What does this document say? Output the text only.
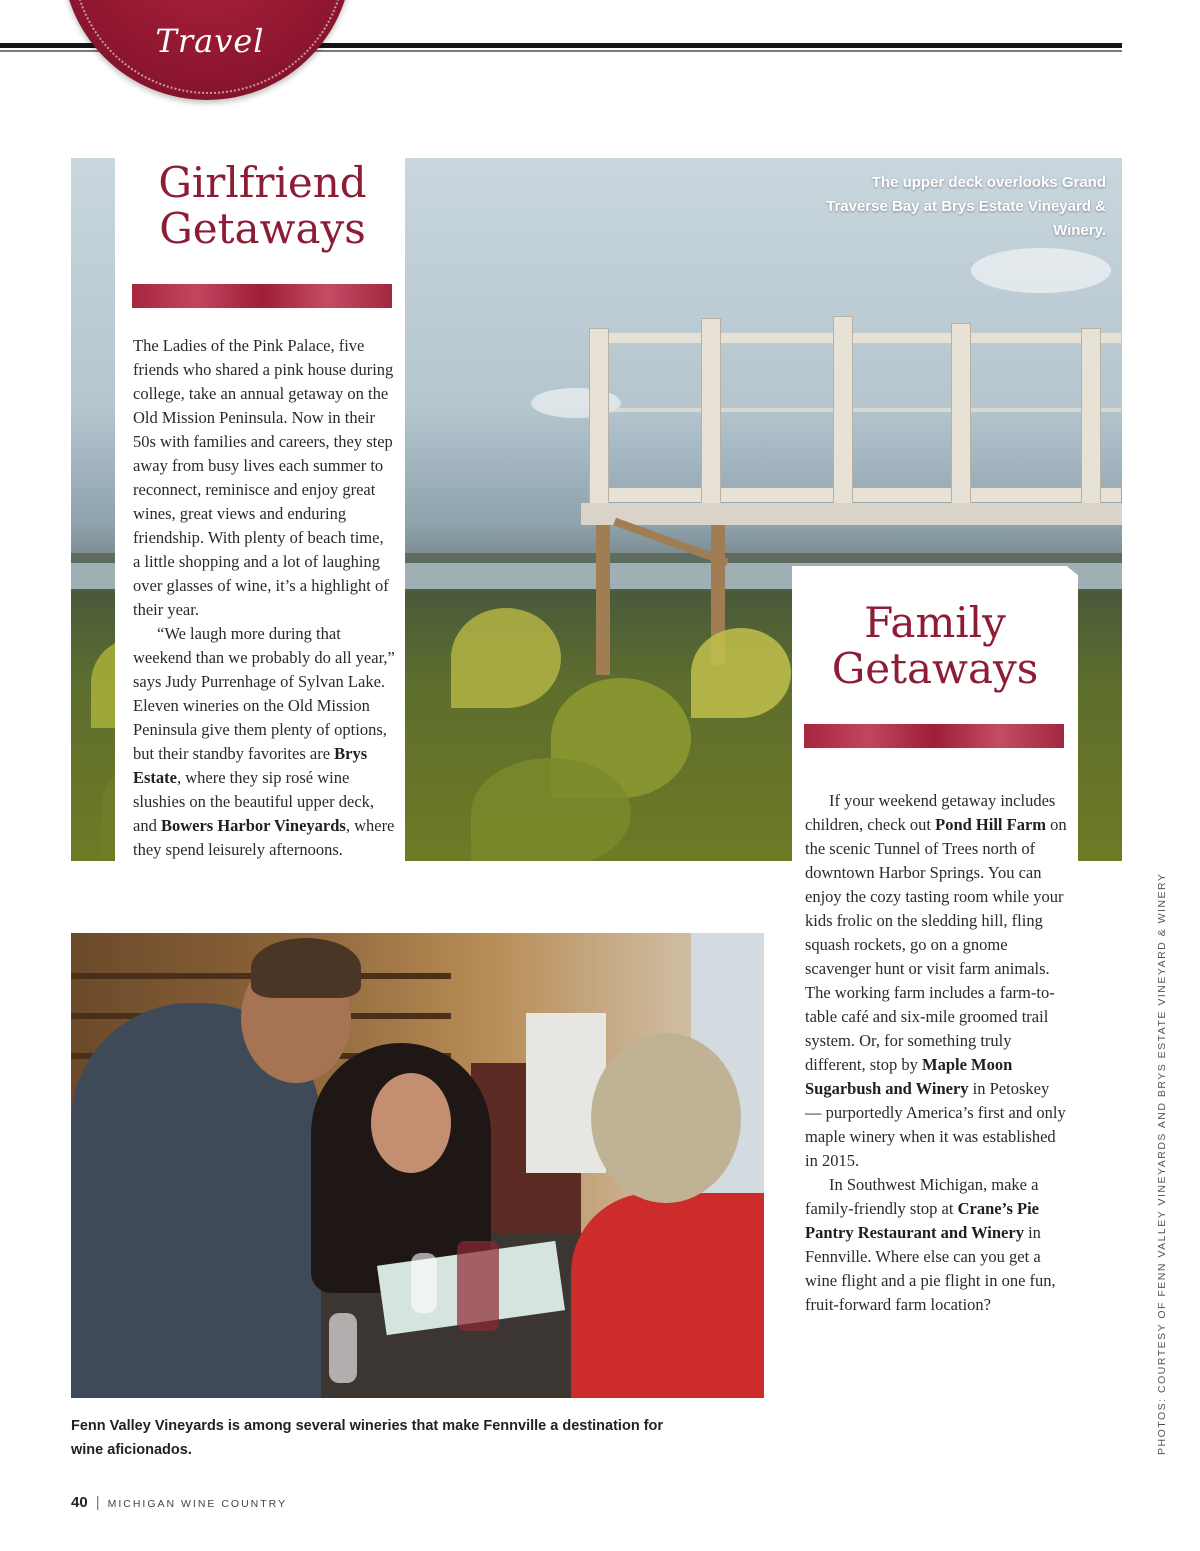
Travel
The upper deck overlooks Grand Traverse Bay at Brys Estate Vineyard & Winery.
Girlfriend
Getaways

The Ladies of the Pink Palace, five friends who shared a pink house during college, take an annual getaway on the Old Mission Peninsula. Now in their 50s with families and careers, they step away from busy lives each summer to reconnect, reminisce and enjoy great wines, great views and enduring friendship. With plenty of beach time, a little shopping and a lot of laughing over glasses of wine, it’s a highlight of their year.

“We laugh more during that weekend than we probably do all year,” says Judy Purrenhage of Sylvan Lake. Eleven wineries on the Old Mission Peninsula give them plenty of options, but their standby favorites are Brys Estate, where they sip rosé wine slushies on the beautiful upper deck, and Bowers Harbor Vineyards, where they spend leisurely afternoons.

Family
Getaways

If your weekend getaway includes children, check out Pond Hill Farm on the scenic Tunnel of Trees north of downtown Harbor Springs. You can enjoy the cozy tasting room while your kids frolic on the sledding hill, fling squash rockets, go on a gnome scavenger hunt or visit farm animals. The working farm includes a farm-to-table café and six-mile groomed trail system. Or, for something truly different, stop by Maple Moon Sugarbush and Winery in Petoskey — purportedly America’s first and only maple winery when it was established in 2015.

In Southwest Michigan, make a family-friendly stop at Crane’s Pie Pantry Restaurant and Winery in Fennville. Where else can you get a wine flight and a pie flight in one fun, fruit-forward farm location?

Fenn Valley Vineyards is among several wineries that make Fennville a destination for wine aficionados.	PHOTOS: COURTESY OF FENN VALLEY VINEYARDS AND BRYS ESTATE VINEYARD & WINERY
40 | MICHIGAN WINE COUNTRY
